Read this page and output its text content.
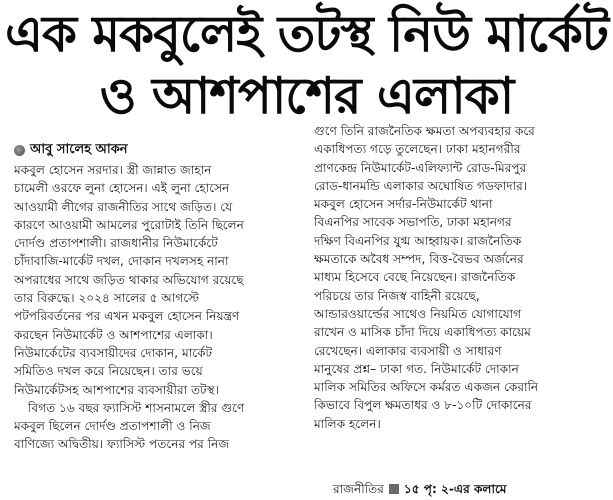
এক মকবুলেই তটস্থ নিউ মার্কেট
ও আশপাশের এলাকা
আবু সালেহ আকন

মকবুল হোসেন সরদার। স্ত্রী জান্নাত জাহান

চামেলী ওরফে লুনা হোসেন। এই লুনা হোসেন

আওয়ামী লীগের রাজনীতির সাথে জড়িত। যে

কারণে আওয়ামী আমলের পুরোটাই তিনি ছিলেন

দোর্দণ্ড প্রতাপশালী। রাজধানীর নিউমার্কেটে

চাঁদাবাজি-মার্কেট দখল, দোকান দখলসহ নানা

অপরাধের সাথে জড়িত থাকার অভিযোগ রয়েছে

তার বিরুদ্ধে। ২০২৪ সালের ৫ আগস্টে

পটপরিবর্তনের পর এখন মকবুল হোসেন নিয়ন্ত্রণ

করছেন নিউমার্কেট ও আশপাশের এলাকা।

নিউমার্কেটের ব্যবসায়ীদের দোকান, মার্কেট

সমিতিও দখল করে নিয়েছেন। তার ভয়ে

নিউমার্কেটসহ আশপাশের ব্যবসায়ীরা তটস্থ।

বিগত ১৬ বছর ফ্যাসিস্ট শাসনামলে স্ত্রীর গুণে

মকবুল ছিলেন দোর্দণ্ড প্রতাপশালী ও নিজ

বাণিজ্যে অদ্বিতীয়। ফ্যাসিস্ট পতনের পর নিজ

গুণে তিনি রাজনৈতিক ক্ষমতা অপব্যবহার করে

একাধিপত্য গড়ে তুলেছেন। ঢাকা মহানগরীর

প্রাণকেন্দ্র নিউমার্কেট-এলিফ্যান্ট রোড-মিরপুর

রোড-ধানমন্ডি এলাকার অঘোষিত গডফাদার।

মকবুল হোসেন সর্দার-নিউমার্কেট থানা

বিএনপির সাবেক সভাপতি, ঢাকা মহানগর

দক্ষিণ বিএনপির যুগ্ম আহ্বায়ক। রাজনৈতিক

ক্ষমতাকে অবৈধ সম্পদ, বিত্ত-বৈভব অর্জনের

মাধ্যম হিসেবে বেছে নিয়েছেন। রাজনৈতিক

পরিচয়ে তার নিজস্ব বাহিনী রয়েছে,

আন্ডারওয়ার্ল্ডের সাথেও নিয়মিত যোগাযোগ

রাখেন ও মাসিক চাঁদা দিয়ে একাধিপত্য কায়েম

রেখেছেন। এলাকার ব্যবসায়ী ও সাধারণ

মানুষের প্রশ্ন– ঢাকা গত. নিউমার্কেট দোকান

মালিক সমিতির অফিসে কর্মরত একজন কেরানি

কিভাবে বিপুল ক্ষমতাধর ও ৮-১০টি দোকানের

মালিক হলেন।

রাজনীতির ১৫ পৃ: ২-এর কলামে
